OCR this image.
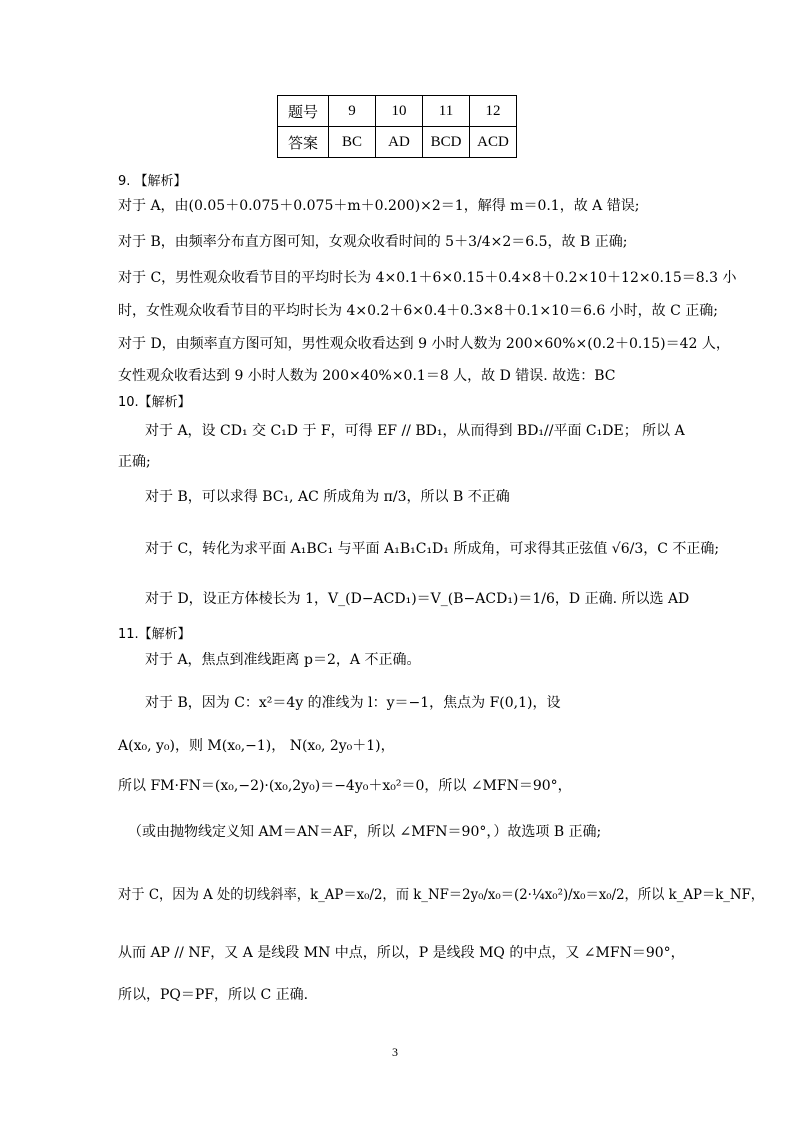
题号	9	10	11	12
答案	BC	AD	BCD	ACD
9. 【解析】
对于 A，由(0.05＋0.075＋0.075＋m＋0.200)×2＝1，解得 m＝0.1，故 A 错误;
对于 B，由频率分布直方图可知，女观众收看时间的 5＋3/4×2＝6.5，故 B 正确;
对于 C，男性观众收看节目的平均时长为 4×0.1＋6×0.15＋0.4×8＋0.2×10＋12×0.15＝8.3 小
时，女性观众收看节目的平均时长为 4×0.2＋6×0.4＋0.3×8＋0.1×10＝6.6 小时，故 C 正确;
对于 D，由频率直方图可知，男性观众收看达到 9 小时人数为 200×60%×(0.2＋0.15)＝42 人，
女性观众收看达到 9 小时人数为 200×40%×0.1＝8 人，故 D 错误. 故选：BC
10.【解析】
对于 A，设 CD₁ 交 C₁D 于 F，可得 EF // BD₁，从而得到 BD₁//平面 C₁DE； 所以 A
正确;
对于 B，可以求得 BC₁, AC 所成角为 π/3，所以 B 不正确
对于 C，转化为求平面 A₁BC₁ 与平面 A₁B₁C₁D₁ 所成角，可求得其正弦值 √6/3，C 不正确;
对于 D，设正方体棱长为 1，V_(D−ACD₁)＝V_(B−ACD₁)＝1/6，D 正确. 所以选 AD
11.【解析】
对于 A，焦点到准线距离 p＝2，A 不正确。
对于 B，因为 C：x²＝4y 的准线为 l：y＝−1，焦点为 F(0,1)，设
A(x₀, y₀)，则 M(x₀,−1)， N(x₀, 2y₀＋1)，
所以 FM·FN＝(x₀,−2)·(x₀,2y₀)＝−4y₀＋x₀²＝0，所以 ∠MFN＝90°，
（或由抛物线定义知 AM＝AN＝AF，所以 ∠MFN＝90°，）故选项 B 正确;
对于 C，因为 A 处的切线斜率，k_AP＝x₀/2，而 k_NF＝2y₀/x₀＝(2·¼x₀²)/x₀＝x₀/2，所以 k_AP＝k_NF，
从而 AP // NF，又 A 是线段 MN 中点，所以，P 是线段 MQ 的中点，又 ∠MFN＝90°，
所以，PQ＝PF，所以 C 正确.
3
